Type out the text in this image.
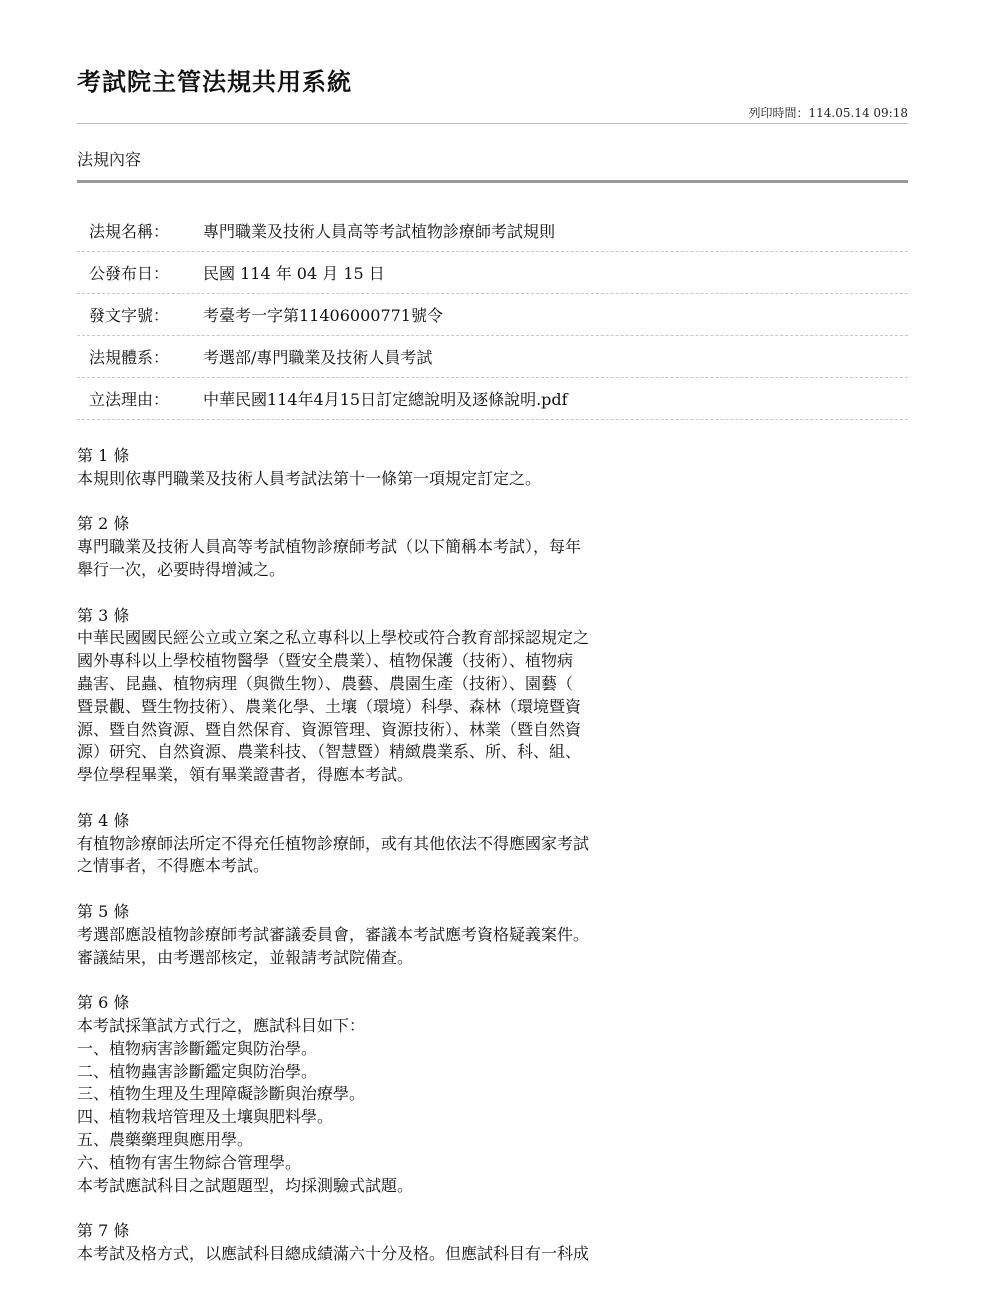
考試院主管法規共用系統
列印時間：114.05.14 09:18
法規內容
法規名稱：	專門職業及技術人員高等考試植物診療師考試規則
公發布日：	民國 114 年 04 月 15 日
發文字號：	考臺考一字第11406000771號令
法規體系：	考選部/專門職業及技術人員考試
立法理由：	中華民國114年4月15日訂定總說明及逐條說明.pdf
第 1 條
本規則依專門職業及技術人員考試法第十一條第一項規定訂定之。
第 2 條
專門職業及技術人員高等考試植物診療師考試（以下簡稱本考試），每年
舉行一次，必要時得增減之。
第 3 條
中華民國國民經公立或立案之私立專科以上學校或符合教育部採認規定之
國外專科以上學校植物醫學（暨安全農業）、植物保護（技術）、植物病
蟲害、昆蟲、植物病理（與微生物）、農藝、農園生產（技術）、園藝（
暨景觀、暨生物技術）、農業化學、土壤（環境）科學、森林（環境暨資
源、暨自然資源、暨自然保育、資源管理、資源技術）、林業（暨自然資
源）研究、自然資源、農業科技、（智慧暨）精緻農業系、所、科、組、
學位學程畢業，領有畢業證書者，得應本考試。
第 4 條
有植物診療師法所定不得充任植物診療師，或有其他依法不得應國家考試
之情事者，不得應本考試。
第 5 條
考選部應設植物診療師考試審議委員會，審議本考試應考資格疑義案件。
審議結果，由考選部核定，並報請考試院備查。
第 6 條
本考試採筆試方式行之，應試科目如下：
一、植物病害診斷鑑定與防治學。
二、植物蟲害診斷鑑定與防治學。
三、植物生理及生理障礙診斷與治療學。
四、植物栽培管理及土壤與肥料學。
五、農藥藥理與應用學。
六、植物有害生物綜合管理學。
本考試應試科目之試題題型，均採測驗式試題。
第 7 條
本考試及格方式，以應試科目總成績滿六十分及格。但應試科目有一科成
